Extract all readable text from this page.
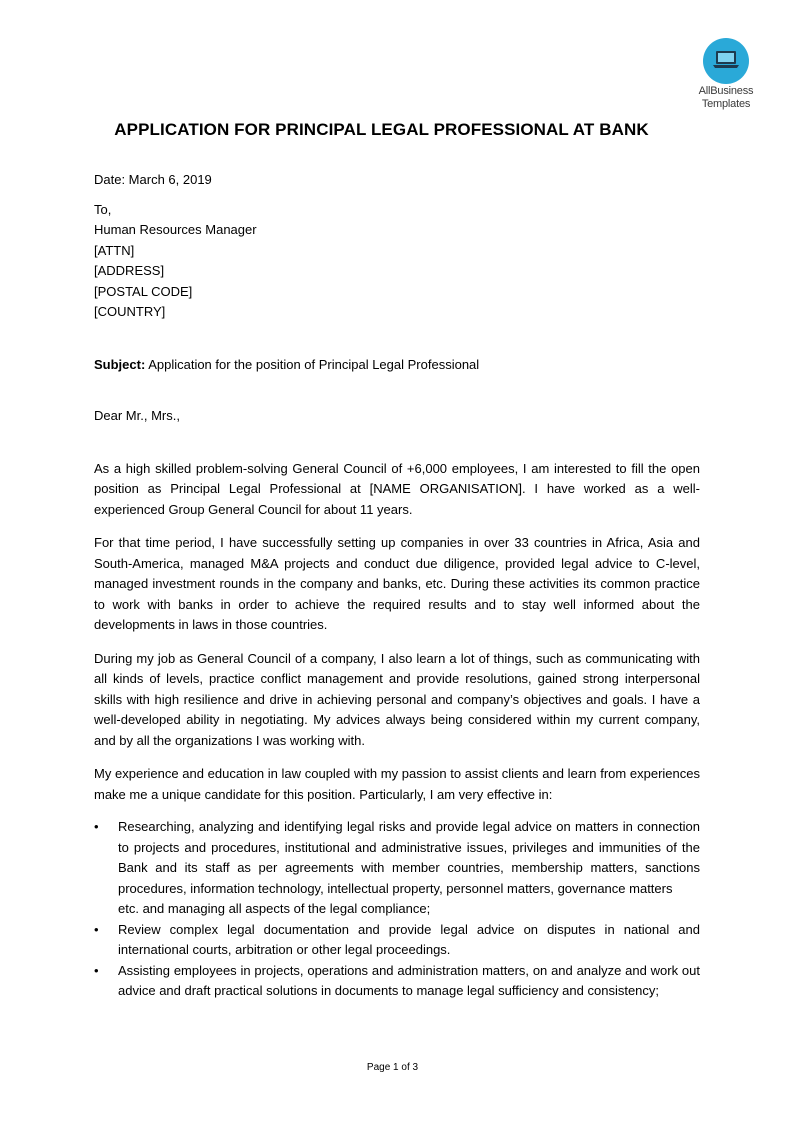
AllBusiness
Templates
APPLICATION FOR PRINCIPAL LEGAL PROFESSIONAL AT BANK

Date: March 6, 2019

To,
Human Resources Manager
[ATTN]
[ADDRESS]
[POSTAL CODE]
[COUNTRY]
Subject: Application for the position of Principal Legal Professional
Dear Mr., Mrs.,

As a high skilled problem-solving General Council of +6,000 employees, I am interested to fill the open position as Principal Legal Professional at [NAME ORGANISATION]. I have worked as a well-experienced Group General Council for about 11 years.

For that time period, I have successfully setting up companies in over 33 countries in Africa, Asia and South-America, managed M&A projects and conduct due diligence, provided legal advice to C-level, managed investment rounds in the company and banks, etc. During these activities its common practice to work with banks in order to achieve the required results and to stay well informed about the developments in laws in those countries.

During my job as General Council of a company, I also learn a lot of things, such as communicating with all kinds of levels, practice conflict management and provide resolutions, gained strong interpersonal skills with high resilience and drive in achieving personal and company’s objectives and goals. I have a well-developed ability in negotiating. My advices always being considered within my current company, and by all the organizations I was working with.

My experience and education in law coupled with my passion to assist clients and learn from experiences make me a unique candidate for this position. Particularly, I am very effective in:

• Researching, analyzing and identifying legal risks and provide legal advice on matters in connection to projects and procedures, institutional and administrative issues, privileges and immunities of the Bank and its staff as per agreements with member countries, membership matters, sanctions procedures, information technology, intellectual property, personnel matters, governance matters
etc. and managing all aspects of the legal compliance;
• Review complex legal documentation and provide legal advice on disputes in national and international courts, arbitration or other legal proceedings.
• Assisting employees in projects, operations and administration matters, on and analyze and work out advice and draft practical solutions in documents to manage legal sufficiency and consistency;
Page 1 of 3
